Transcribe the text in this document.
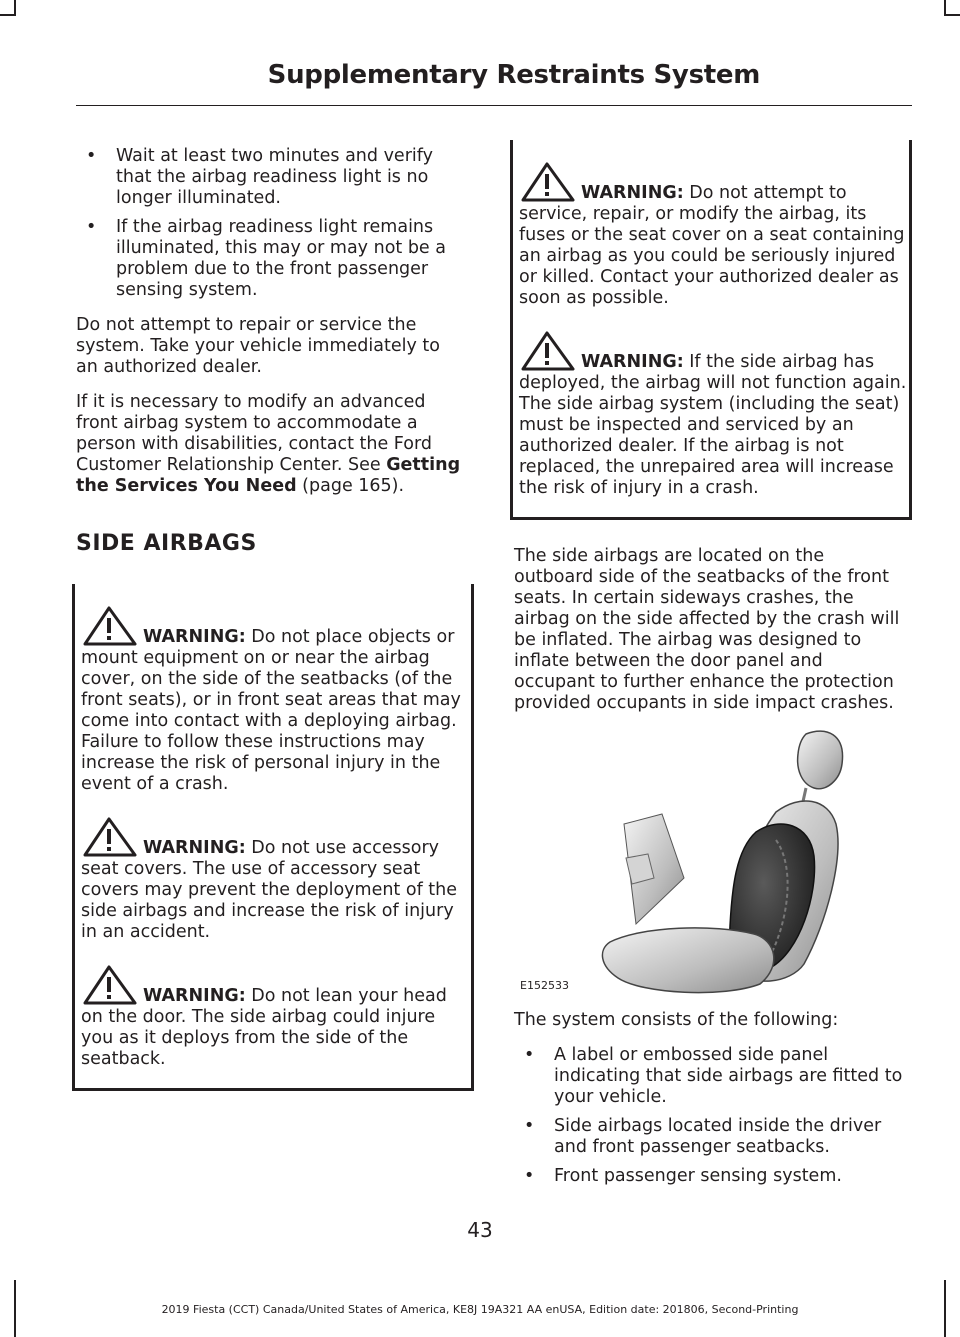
Supplementary Restraints System
• Wait at least two minutes and verify that the airbag readiness light is no longer illuminated.
• If the airbag readiness light remains illuminated, this may or may not be a problem due to the front passenger sensing system.

Do not attempt to repair or service the system. Take your vehicle immediately to an authorized dealer.

If it is necessary to modify an advanced front airbag system to accommodate a person with disabilities, contact the Ford Customer Relationship Center. See Getting the Services You Need (page 165).

SIDE AIRBAGS
WARNING: Do not place objects or mount equipment on or near the airbag cover, on the side of the seatbacks (of the front seats), or in front seat areas that may come into contact with a deploying airbag. Failure to follow these instructions may increase the risk of personal injury in the event of a crash.
WARNING: Do not use accessory seat covers. The use of accessory seat covers may prevent the deployment of the side airbags and increase the risk of injury in an accident.
WARNING: Do not lean your head on the door. The side airbag could injure you as it deploys from the side of the seatback.
WARNING: Do not attempt to service, repair, or modify the airbag, its fuses or the seat cover on a seat containing an airbag as you could be seriously injured or killed. Contact your authorized dealer as soon as possible.
WARNING: If the side airbag has deployed, the airbag will not function again. The side airbag system (including the seat) must be inspected and serviced by an authorized dealer. If the airbag is not replaced, the unrepaired area will increase the risk of injury in a crash.

The side airbags are located on the outboard side of the seatbacks of the front seats. In certain sideways crashes, the airbag on the side affected by the crash will be inflated. The airbag was designed to inflate between the door panel and occupant to further enhance the protection provided occupants in side impact crashes.

E152533

The system consists of the following:

• A label or embossed side panel indicating that side airbags are fitted to your vehicle.
• Side airbags located inside the driver and front passenger seatbacks.
• Front passenger sensing system.
43
2019 Fiesta (CCT) Canada/United States of America, KE8J 19A321 AA enUSA, Edition date: 201806, Second-Printing
